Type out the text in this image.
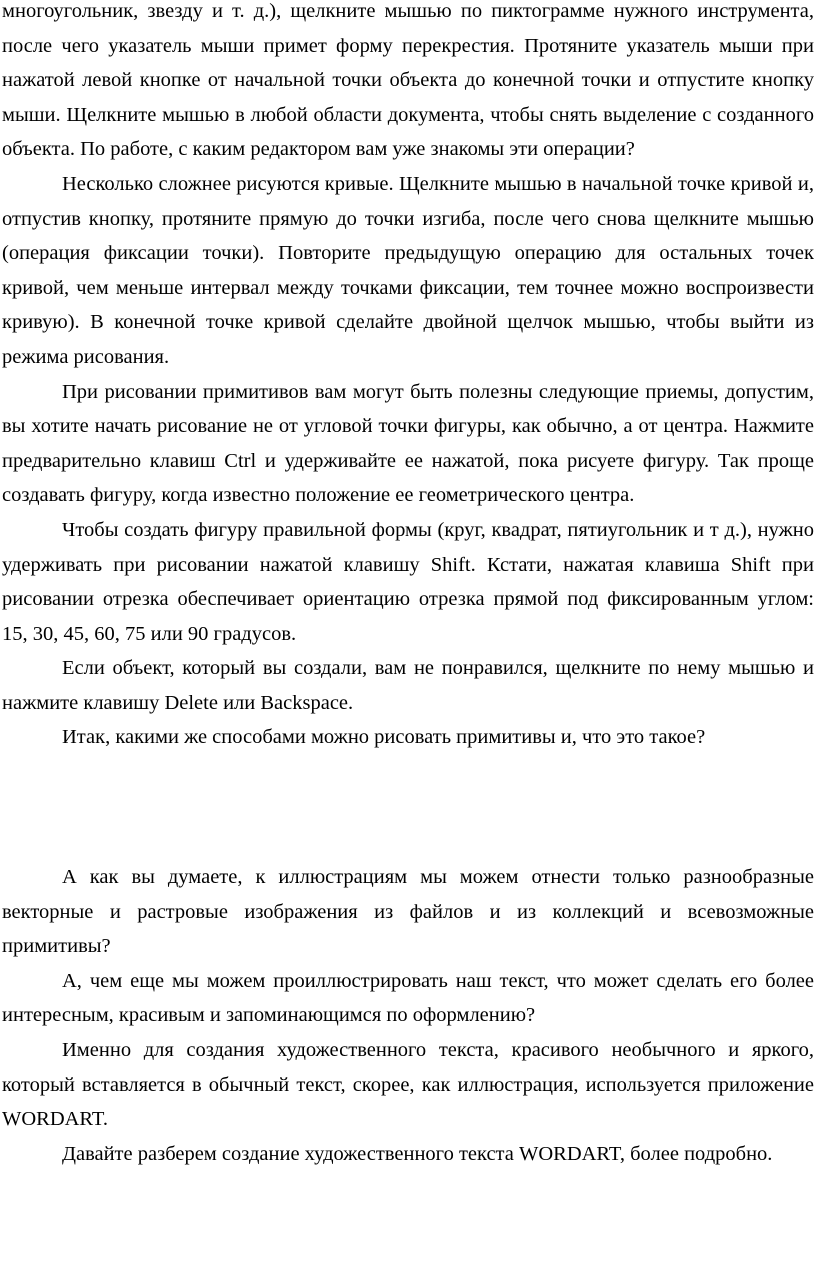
многоугольник, звезду и т. д.), щелкните мышью по пиктограмме нужного инструмента, после чего указатель мыши примет форму перекрестия. Протяните указатель мыши при нажатой левой кнопке от начальной точки объекта до конечной точки и отпустите кнопку мыши. Щелкните мышью в любой области документа, чтобы снять выделение с созданного объекта. По работе, с каким редактором вам уже знакомы эти операции?

Несколько сложнее рисуются кривые. Щелкните мышью в начальной точке кривой и, отпустив кнопку, протяните прямую до точки изгиба, после чего снова щелкните мышью (операция фиксации точки). Повторите предыдущую операцию для остальных точек кривой, чем меньше интервал между точками фиксации, тем точнее можно воспроизвести кривую). В конечной точке кривой сделайте двойной щелчок мышью, чтобы выйти из режима рисования.

При рисовании примитивов вам могут быть полезны следующие приемы, допустим, вы хотите начать рисование не от угловой точки фигуры, как обычно, а от центра. Нажмите предварительно клавиш Ctrl и удерживайте ее нажатой, пока рисуете фигуру. Так проще создавать фигуру, когда известно положение ее геометрического центра.

Чтобы создать фигуру правильной формы (круг, квадрат, пятиугольник и т д.), нужно удерживать при рисовании нажатой клавишу Shift. Кстати, нажатая клавиша Shift при рисовании отрезка обеспечивает ориентацию отрезка прямой под фиксированным углом: 15, 30, 45, 60, 75 или 90 градусов.

Если объект, который вы создали, вам не понравился, щелкните по нему мышью и нажмите клавишу Delete или Backspace.

Итак, какими же способами можно рисовать примитивы и, что это такое?

А как вы думаете, к иллюстрациям мы можем отнести только разнообразные векторные и растровые изображения из файлов и из коллекций и всевозможные примитивы?

А, чем еще мы можем проиллюстрировать наш текст, что может сделать его более интересным, красивым и запоминающимся по оформлению?

Именно для создания художественного текста, красивого необычного и яркого, который вставляется в обычный текст, скорее, как иллюстрация, используется приложение WORDART.

Давайте разберем создание художественного текста WORDART, более подробно.
